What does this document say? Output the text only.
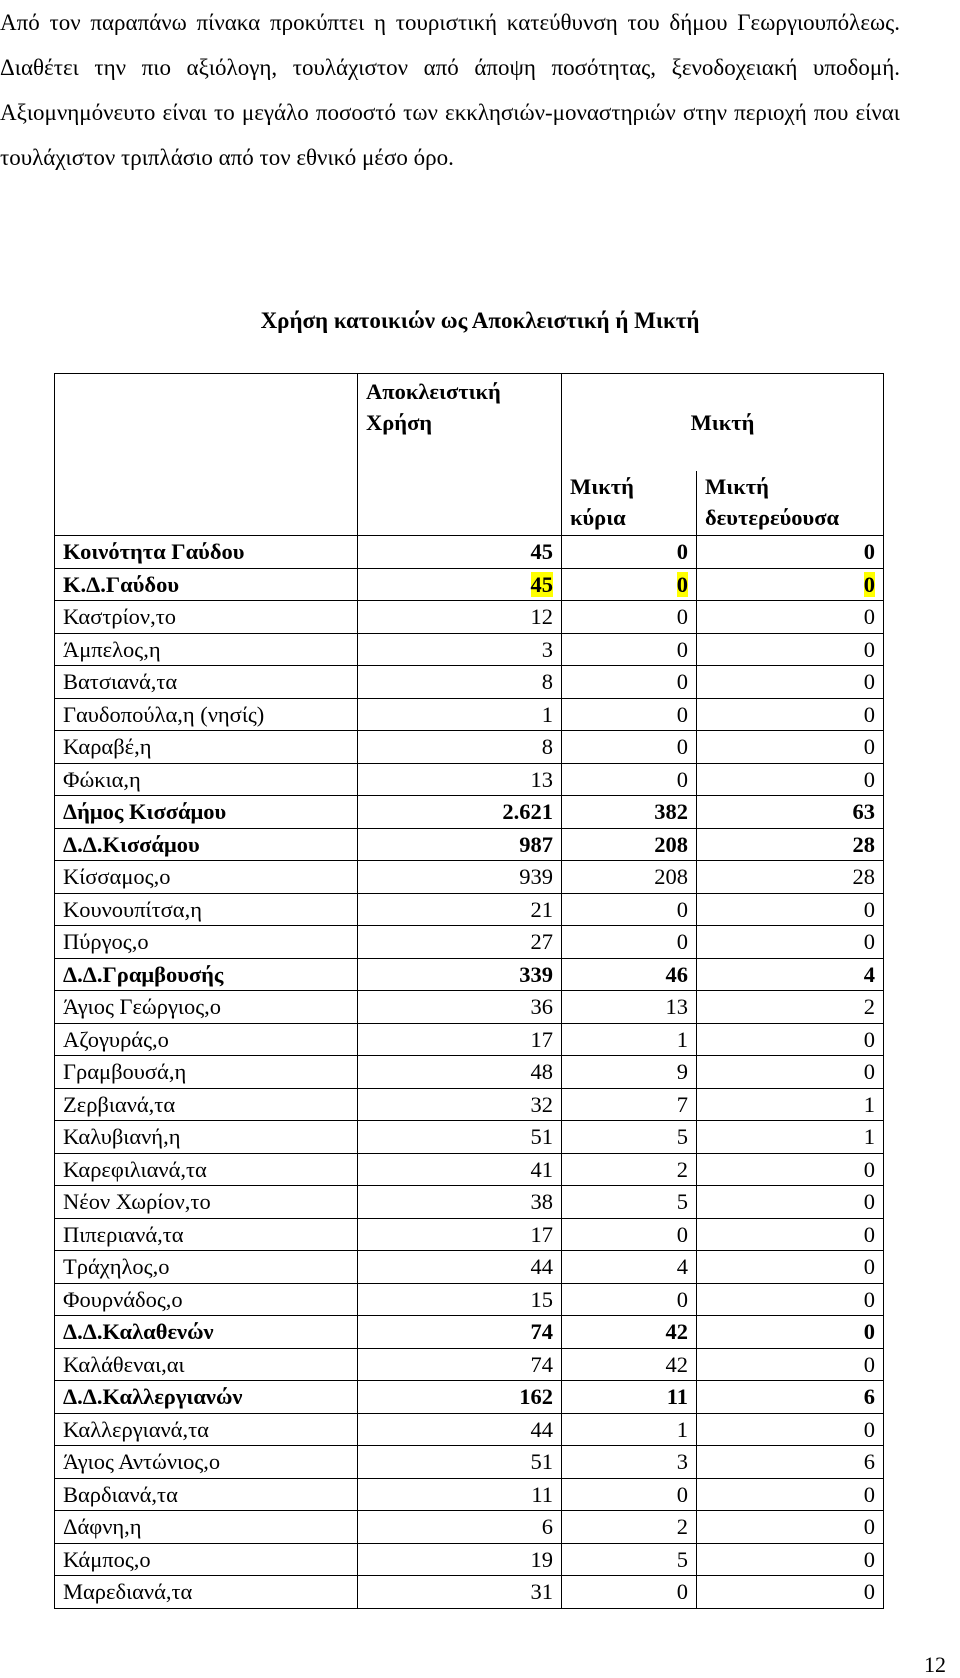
Από τον παραπάνω πίνακα προκύπτει η τουριστική κατεύθυνση του δήμου Γεωργιουπόλεως. Διαθέτει την πιο αξιόλογη, τουλάχιστον από άποψη ποσότητας, ξενοδοχειακή υποδομή. Αξιομνημόνευτο είναι το μεγάλο ποσοστό των εκκλησιών-μοναστηριών στην περιοχή που είναι τουλάχιστον τριπλάσιο από τον εθνικό μέσο όρο.

Χρήση κατοικιών ως Αποκλειστική ή Μικτή
	Αποκλειστική Χρήση	Μικτή	
		Μικτή κύρια	Μικτή δευτερεύουσα
Κοινότητα Γαύδου	45	0	0
Κ.Δ.Γαύδου	45	0	0
Καστρίον,το	12	0	0
Άμπελος,η	3	0	0
Βατσιανά,τα	8	0	0
Γαυδοπούλα,η (νησίς)	1	0	0
Καραβέ,η	8	0	0
Φώκια,η	13	0	0
Δήμος Κισσάμου	2.621	382	63
Δ.Δ.Κισσάμου	987	208	28
Κίσσαμος,ο	939	208	28
Κουνουπίτσα,η	21	0	0
Πύργος,ο	27	0	0
Δ.Δ.Γραμβουσής	339	46	4
Άγιος Γεώργιος,ο	36	13	2
Αζογυράς,ο	17	1	0
Γραμβουσά,η	48	9	0
Ζερβιανά,τα	32	7	1
Καλυβιανή,η	51	5	1
Καρεφιλιανά,τα	41	2	0
Νέον Χωρίον,το	38	5	0
Πιπεριανά,τα	17	0	0
Τράχηλος,ο	44	4	0
Φουρνάδος,ο	15	0	0
Δ.Δ.Καλαθενών	74	42	0
Καλάθεναι,αι	74	42	0
Δ.Δ.Καλλεργιανών	162	11	6
Καλλεργιανά,τα	44	1	0
Άγιος Αντώνιος,ο	51	3	6
Βαρδιανά,τα	11	0	0
Δάφνη,η	6	2	0
Κάμπος,ο	19	5	0
Μαρεδιανά,τα	31	0	0
12
